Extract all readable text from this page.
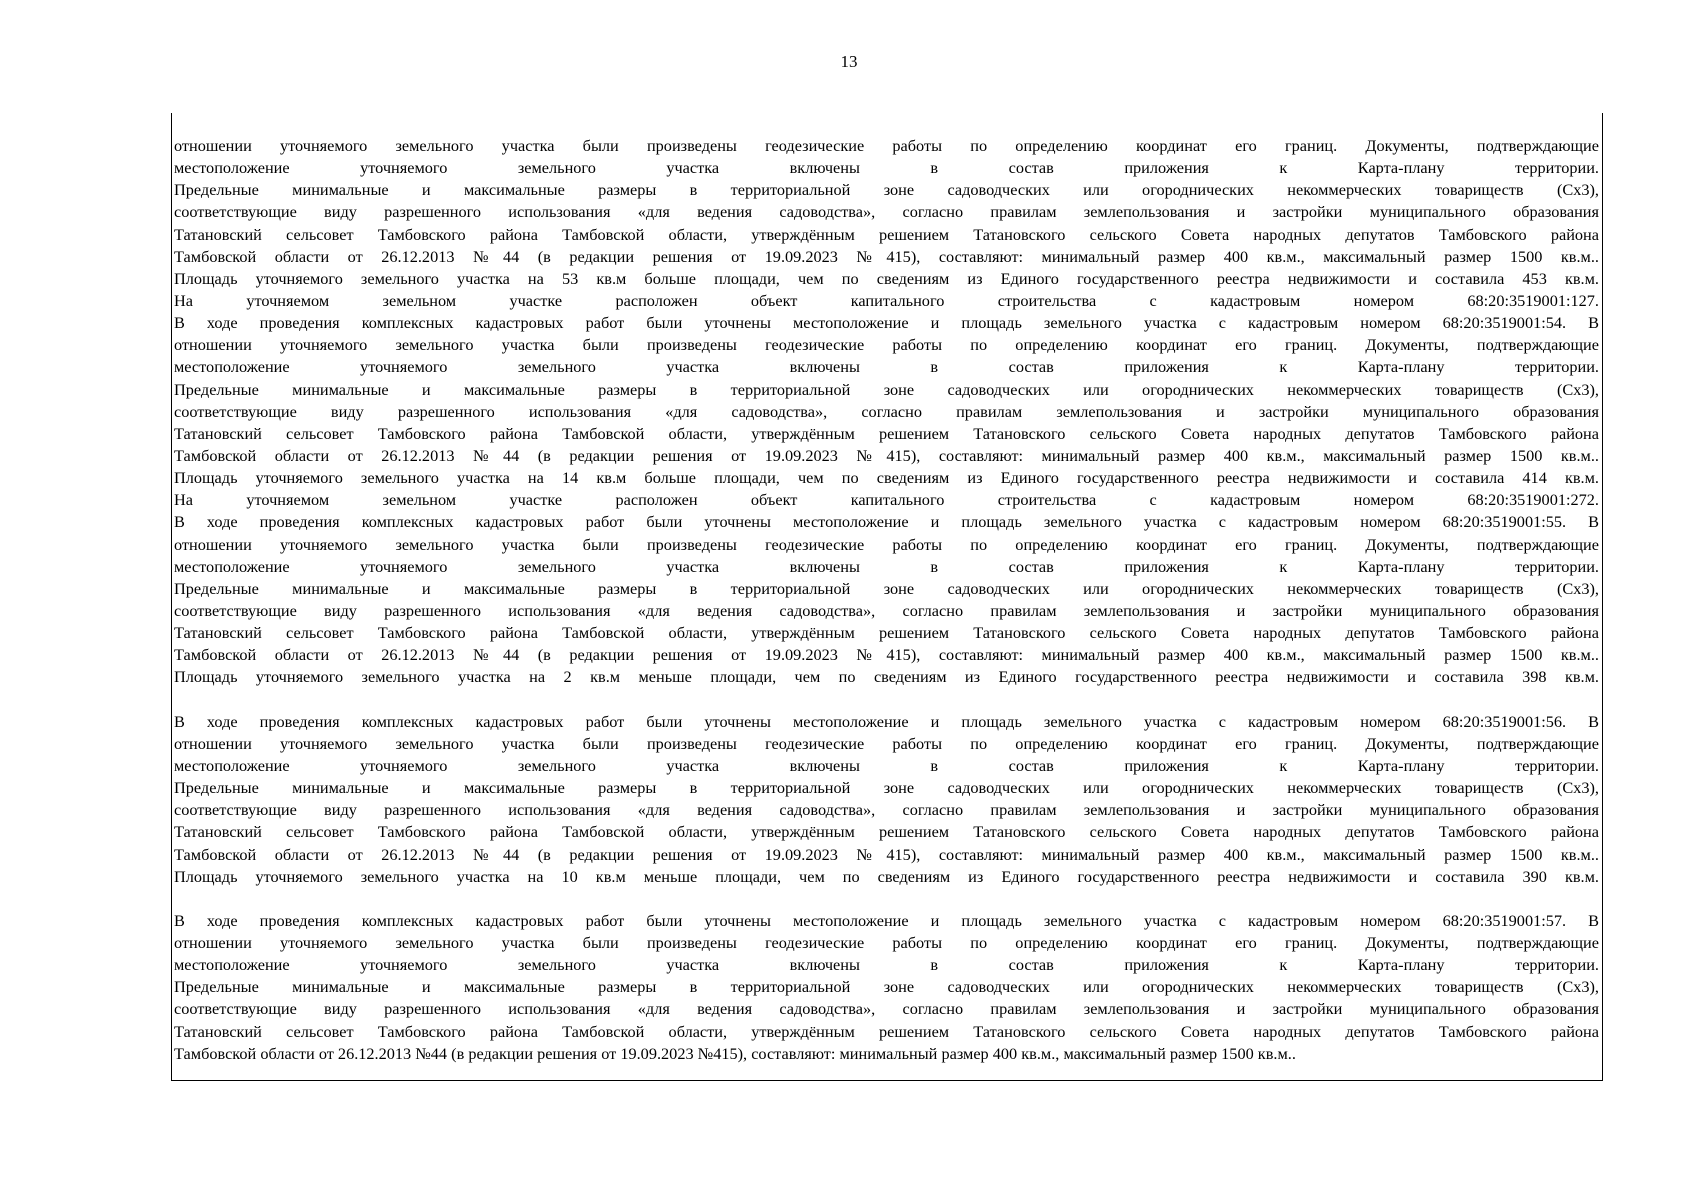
13
отношении уточняемого земельного участка были произведены геодезические работы по определению координат его границ. Документы, подтверждающие
местоположение уточняемого земельного участка включены в состав приложения к Карта-плану территории.
Предельные минимальные и максимальные размеры в территориальной зоне садоводческих или огороднических некоммерческих товариществ (Сх3),
соответствующие виду разрешенного использования «для ведения садоводства», согласно правилам землепользования и застройки муниципального образования
Татановский сельсовет Тамбовского района Тамбовской области, утверждённым решением Татановского сельского Совета народных депутатов Тамбовского района
Тамбовской области от 26.12.2013 №44 (в редакции решения от 19.09.2023 №415), составляют: минимальный размер 400 кв.м., максимальный размер 1500 кв.м..
Площадь уточняемого земельного участка на 53 кв.м больше площади, чем по сведениям из Единого государственного реестра недвижимости и составила 453 кв.м.
На уточняемом земельном участке расположен объект капитального строительства с кадастровым номером 68:20:3519001:127.
В ходе проведения комплексных кадастровых работ были уточнены местоположение и площадь земельного участка с кадастровым номером 68:20:3519001:54. В
отношении уточняемого земельного участка были произведены геодезические работы по определению координат его границ. Документы, подтверждающие
местоположение уточняемого земельного участка включены в состав приложения к Карта-плану территории.
Предельные минимальные и максимальные размеры в территориальной зоне садоводческих или огороднических некоммерческих товариществ (Сх3),
соответствующие виду разрешенного использования «для садоводства», согласно правилам землепользования и застройки муниципального образования
Татановский сельсовет Тамбовского района Тамбовской области, утверждённым решением Татановского сельского Совета народных депутатов Тамбовского района
Тамбовской области от 26.12.2013 №44 (в редакции решения от 19.09.2023 №415), составляют: минимальный размер 400 кв.м., максимальный размер 1500 кв.м..
Площадь уточняемого земельного участка на 14 кв.м больше площади, чем по сведениям из Единого государственного реестра недвижимости и составила 414 кв.м.
На уточняемом земельном участке расположен объект капитального строительства с кадастровым номером 68:20:3519001:272.
В ходе проведения комплексных кадастровых работ были уточнены местоположение и площадь земельного участка с кадастровым номером 68:20:3519001:55. В
отношении уточняемого земельного участка были произведены геодезические работы по определению координат его границ. Документы, подтверждающие
местоположение уточняемого земельного участка включены в состав приложения к Карта-плану территории.
Предельные минимальные и максимальные размеры в территориальной зоне садоводческих или огороднических некоммерческих товариществ (Сх3),
соответствующие виду разрешенного использования «для ведения садоводства», согласно правилам землепользования и застройки муниципального образования
Татановский сельсовет Тамбовского района Тамбовской области, утверждённым решением Татановского сельского Совета народных депутатов Тамбовского района
Тамбовской области от 26.12.2013 №44 (в редакции решения от 19.09.2023 №415), составляют: минимальный размер 400 кв.м., максимальный размер 1500 кв.м..
Площадь уточняемого земельного участка на 2 кв.м меньше площади, чем по сведениям из Единого государственного реестра недвижимости и составила 398 кв.м.
В ходе проведения комплексных кадастровых работ были уточнены местоположение и площадь земельного участка с кадастровым номером 68:20:3519001:56. В
отношении уточняемого земельного участка были произведены геодезические работы по определению координат его границ. Документы, подтверждающие
местоположение уточняемого земельного участка включены в состав приложения к Карта-плану территории.
Предельные минимальные и максимальные размеры в территориальной зоне садоводческих или огороднических некоммерческих товариществ (Сх3),
соответствующие виду разрешенного использования «для ведения садоводства», согласно правилам землепользования и застройки муниципального образования
Татановский сельсовет Тамбовского района Тамбовской области, утверждённым решением Татановского сельского Совета народных депутатов Тамбовского района
Тамбовской области от 26.12.2013 №44 (в редакции решения от 19.09.2023 №415), составляют: минимальный размер 400 кв.м., максимальный размер 1500 кв.м..
Площадь уточняемого земельного участка на 10 кв.м меньше площади, чем по сведениям из Единого государственного реестра недвижимости и составила 390 кв.м.
В ходе проведения комплексных кадастровых работ были уточнены местоположение и площадь земельного участка с кадастровым номером 68:20:3519001:57. В
отношении уточняемого земельного участка были произведены геодезические работы по определению координат его границ. Документы, подтверждающие
местоположение уточняемого земельного участка включены в состав приложения к Карта-плану территории.
Предельные минимальные и максимальные размеры в территориальной зоне садоводческих или огороднических некоммерческих товариществ (Сх3),
соответствующие виду разрешенного использования «для ведения садоводства», согласно правилам землепользования и застройки муниципального образования
Татановский сельсовет Тамбовского района Тамбовской области, утверждённым решением Татановского сельского Совета народных депутатов Тамбовского района
Тамбовской области от 26.12.2013 №44 (в редакции решения от 19.09.2023 №415), составляют: минимальный размер 400 кв.м., максимальный размер 1500 кв.м..
